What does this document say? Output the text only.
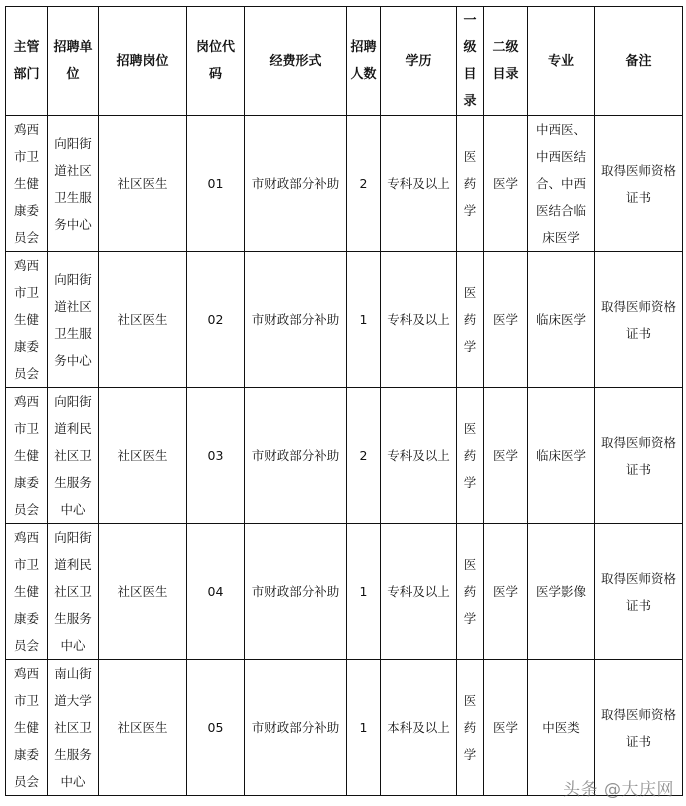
主管部门	招聘单位	招聘岗位	岗位代码	经费形式	招聘人数	学历	一级目录	二级目录	专业	备注
鸡西市卫生健康委员会	向阳街道社区卫生服务中心	社区医生	01	市财政部分补助	2	专科及以上	医药学	医学	中西医、中西医结合、中西医结合临床医学	取得医师资格证书
鸡西市卫生健康委员会	向阳街道社区卫生服务中心	社区医生	02	市财政部分补助	1	专科及以上	医药学	医学	临床医学	取得医师资格证书
鸡西市卫生健康委员会	向阳街道利民社区卫生服务中心	社区医生	03	市财政部分补助	2	专科及以上	医药学	医学	临床医学	取得医师资格证书
鸡西市卫生健康委员会	向阳街道利民社区卫生服务中心	社区医生	04	市财政部分补助	1	专科及以上	医药学	医学	医学影像	取得医师资格证书
鸡西市卫生健康委员会	南山街道大学社区卫生服务中心	社区医生	05	市财政部分补助	1	本科及以上	医药学	医学	中医类	取得医师资格证书
头条 @大庆网
